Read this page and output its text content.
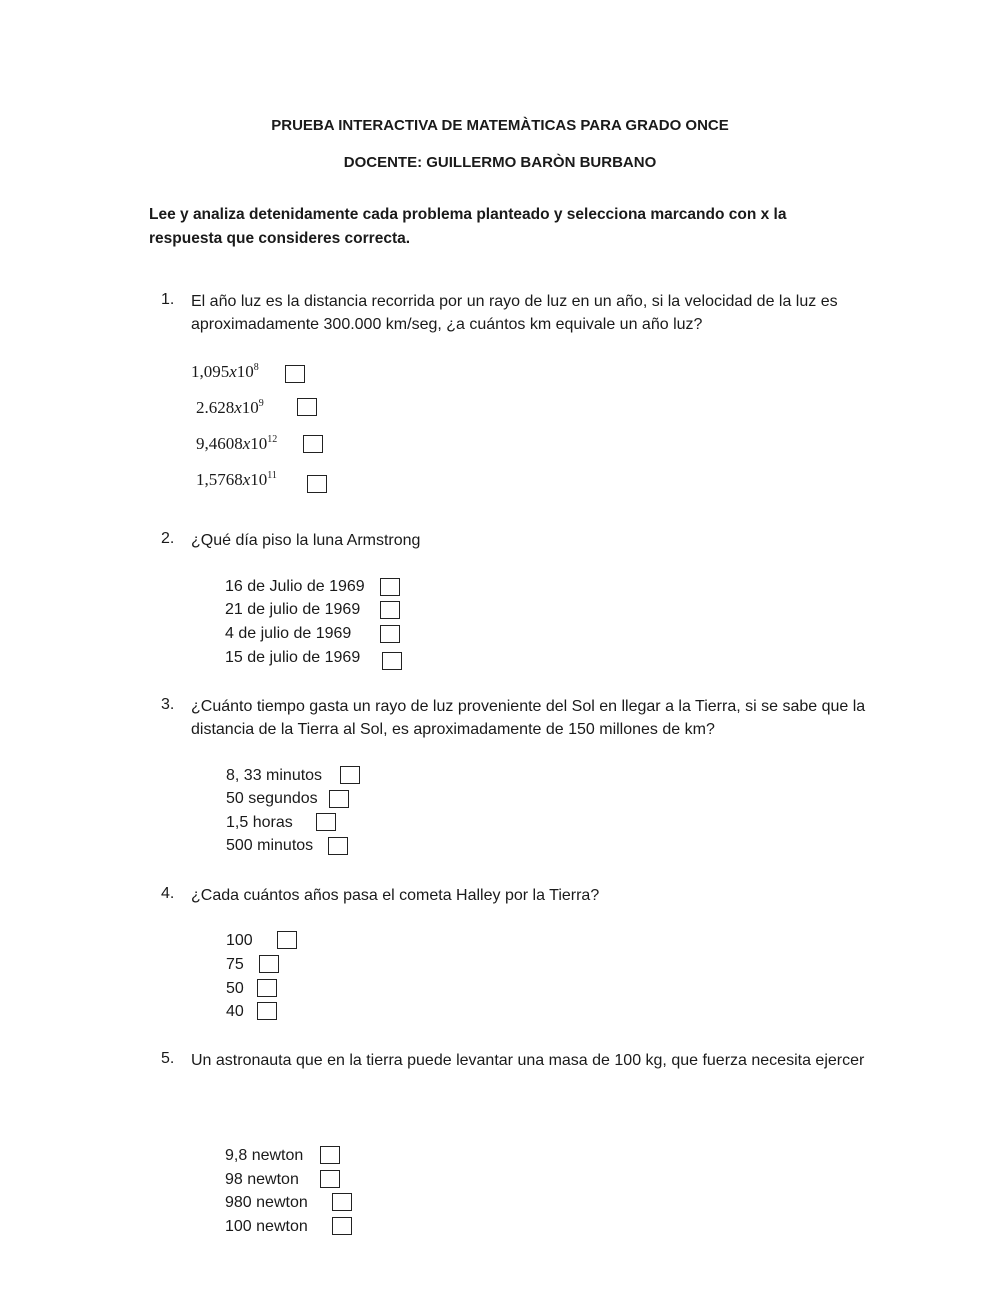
PRUEBA INTERACTIVA DE MATEMÀTICAS PARA GRADO ONCE
DOCENTE: GUILLERMO BARÒN BURBANO
Lee y analiza detenidamente cada problema planteado y selecciona marcando con x la respuesta que consideres correcta.
1. El año luz es la distancia recorrida por un rayo de luz en un año, si la velocidad de la luz es aproximadamente 300.000 km/seg, ¿a cuántos km equivale un año luz?
$1,095x10^8$
$2.628x10^9$
$9,4608x10^{12}$
$1,5768x10^{11}$
2. ¿Qué día piso la luna Armstrong
16 de Julio de 1969
21 de julio de 1969
4 de julio de 1969
15 de julio de 1969
3. ¿Cuánto tiempo gasta un rayo de luz proveniente del Sol en llegar a la Tierra, si se sabe que la distancia de la Tierra al Sol, es aproximadamente de 150 millones de km?
8, 33 minutos
50 segundos
1,5 horas
500 minutos
4. ¿Cada cuántos años pasa el cometa Halley por la Tierra?
100
75
50
40
5. Un astronauta que en la tierra puede levantar una masa de 100 kg, que fuerza necesita ejercer
9,8 newton
98 newton
980 newton
100 newton
